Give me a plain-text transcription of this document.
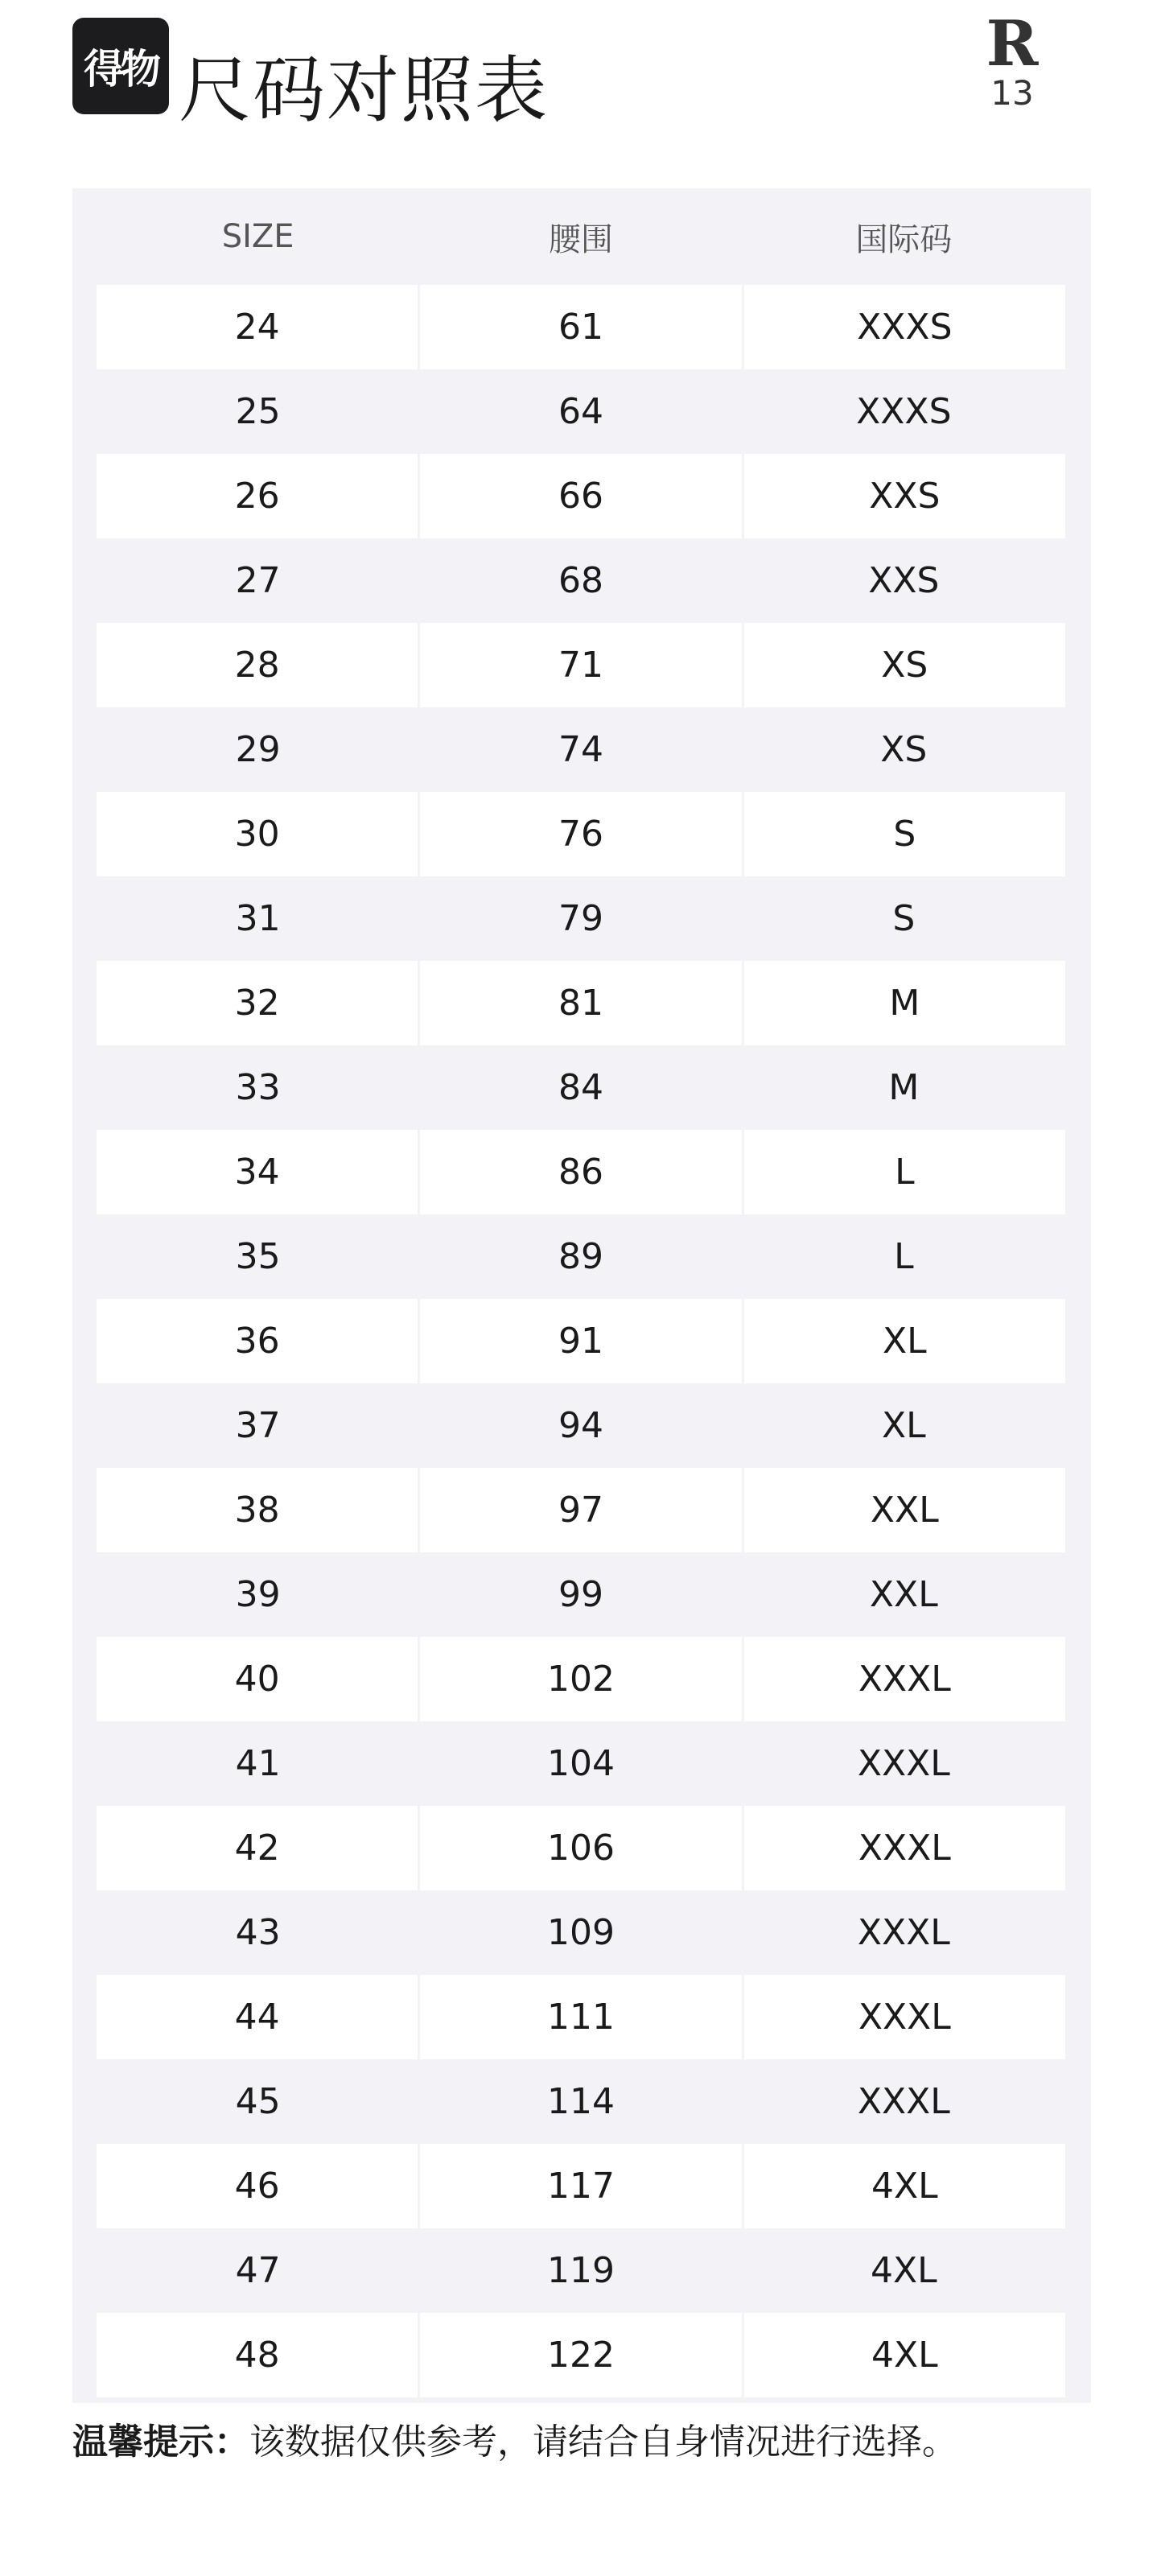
得物 尺码对照表
R
13
SIZE	腰围	国际码
24	61	XXXS
25	64	XXXS
26	66	XXS
27	68	XXS
28	71	XS
29	74	XS
30	76	S
31	79	S
32	81	M
33	84	M
34	86	L
35	89	L
36	91	XL
37	94	XL
38	97	XXL
39	99	XXL
40	102	XXXL
41	104	XXXL
42	106	XXXL
43	109	XXXL
44	111	XXXL
45	114	XXXL
46	117	4XL
47	119	4XL
48	122	4XL
温馨提示：该数据仅供参考，请结合自身情况进行选择。
